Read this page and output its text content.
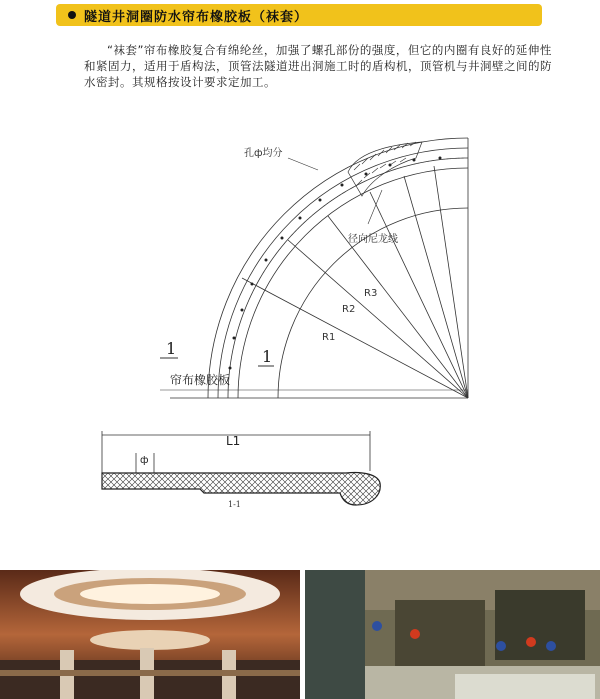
隧道井洞圈防水帘布橡胶板（袜套）

“袜套”帘布橡胶复合有绵纶丝，加强了螺孔部份的强度，但它的内圈有良好的延伸性和紧固力，适用于盾构法，顶管法隧道进出洞施工时的盾构机，顶管机与井洞壁之间的防水密封。其规格按设计要求定加工。

孔ф均分
径向尼龙线
R1
R2
R3
1	1
帘布橡胶板
L1
ф
1-1
